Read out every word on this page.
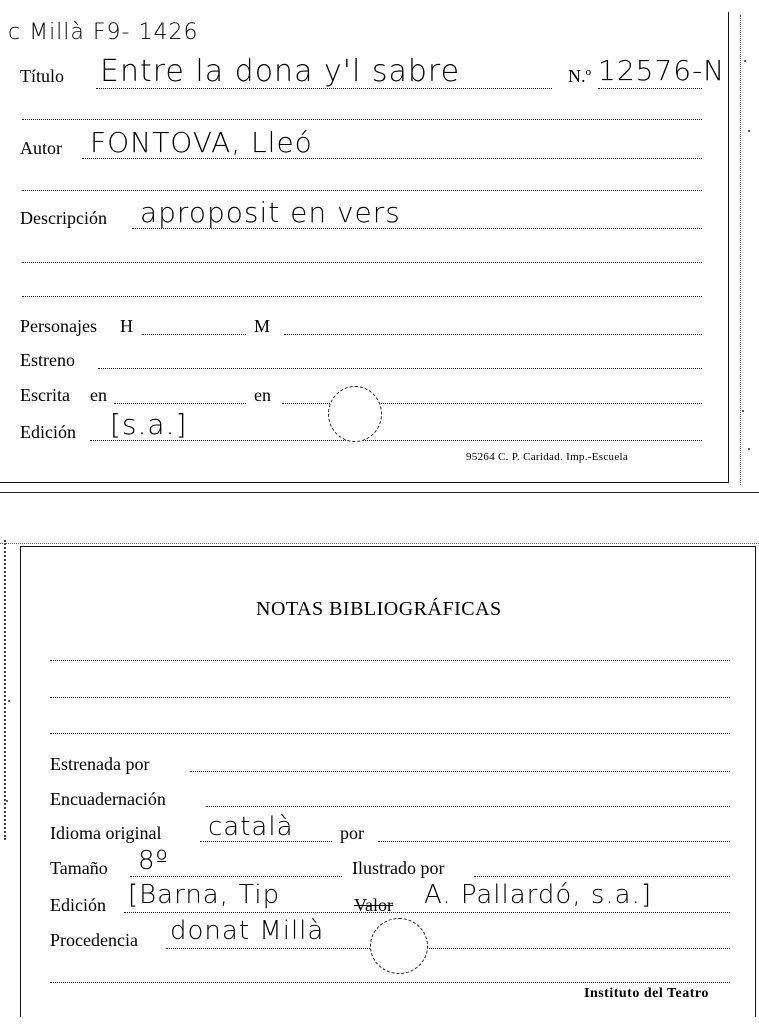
c Millà F9- 1426
Título Entre la dona y'l sabre	N.º 12576-N
Autor FONTOVA, Lleó
Descripción aproposit en vers
Personajes H	M
Estreno
Escrita en	en
Edición [s.a.]
95264 C. P. Caridad. Imp.-Escuela
NOTAS BIBLIOGRÁFICAS
Estrenada por
Encuadernación
Idioma original català	por
Tamaño 8º	Ilustrado por
Edición [Barna, Tip	Valor A. Pallardó, s.a.]
Procedencia donat Millà
Instituto del Teatro
